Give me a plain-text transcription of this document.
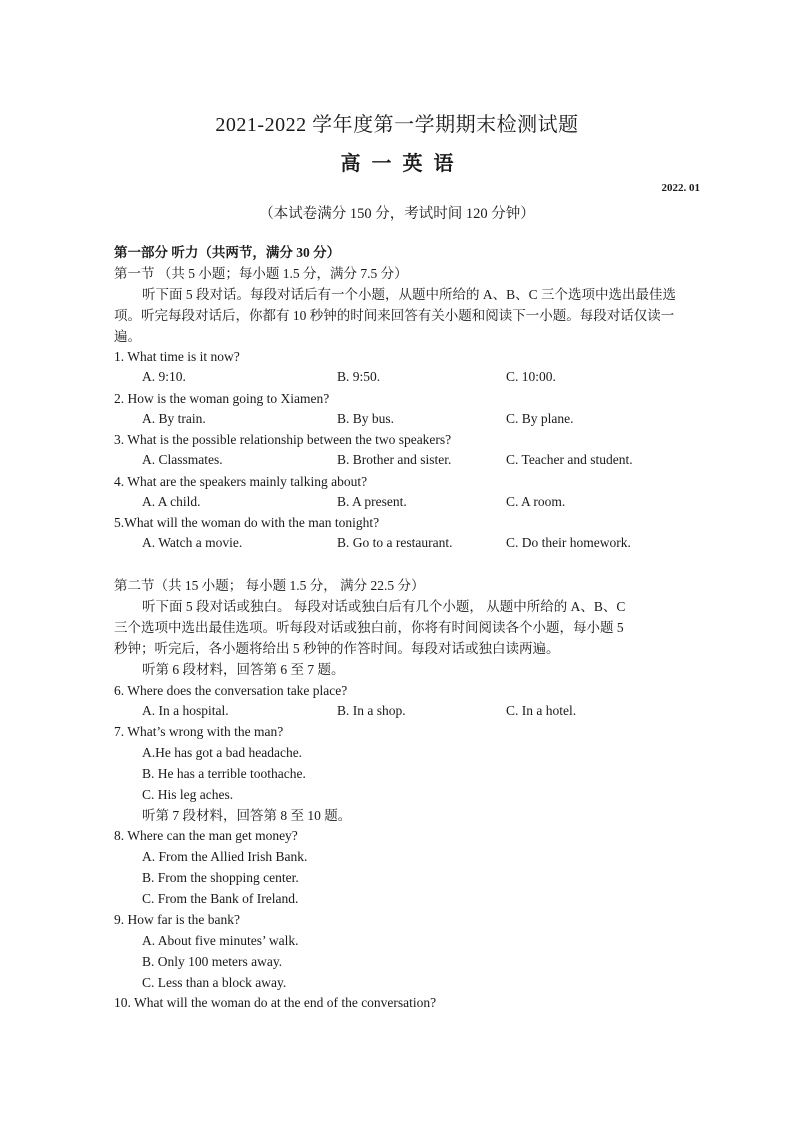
2021-2022 学年度第一学期期末检测试题
高 一 英 语
2022. 01
（本试卷满分 150 分，考试时间 120 分钟）
第一部分 听力（共两节，满分 30 分）
第一节 （共 5 小题；每小题 1.5 分，满分 7.5 分）
听下面 5 段对话。每段对话后有一个小题，从题中所给的 A、B、C 三个选项中选出最佳选
项。听完每段对话后，你都有 10 秒钟的时间来回答有关小题和阅读下一小题。每段对话仅读一
遍。
1. What time is it now?
A. 9:10.	B. 9:50.	C. 10:00.
2. How is the woman going to Xiamen?
A. By train.	B. By bus.	C. By plane.
3. What is the possible relationship between the two speakers?
A. Classmates.	B. Brother and sister.	C. Teacher and student.
4. What are the speakers mainly talking about?
A. A child.	B. A present.	C. A room.
5.What will the woman do with the man tonight?
A. Watch a movie.	B. Go to a restaurant.	C. Do their homework.
第二节（共 15 小题； 每小题 1.5 分， 满分 22.5 分）
听下面 5 段对话或独白。 每段对话或独白后有几个小题， 从题中所给的 A、B、C
三个选项中选出最佳选项。听每段对话或独白前，你将有时间阅读各个小题，每小题 5
秒钟；听完后，各小题将给出 5 秒钟的作答时间。每段对话或独白读两遍。
听第 6 段材料，回答第 6 至 7 题。
6. Where does the conversation take place?
A. In a hospital.	B. In a shop.	C. In a hotel.
7. What’s wrong with the man?
A.He has got a bad headache.
B. He has a terrible toothache.
C. His leg aches.
听第 7 段材料，回答第 8 至 10 题。
8. Where can the man get money?
A. From the Allied Irish Bank.
B. From the shopping center.
C. From the Bank of Ireland.
9. How far is the bank?
A. About five minutes’ walk.
B. Only 100 meters away.
C. Less than a block away.
10. What will the woman do at the end of the conversation?
